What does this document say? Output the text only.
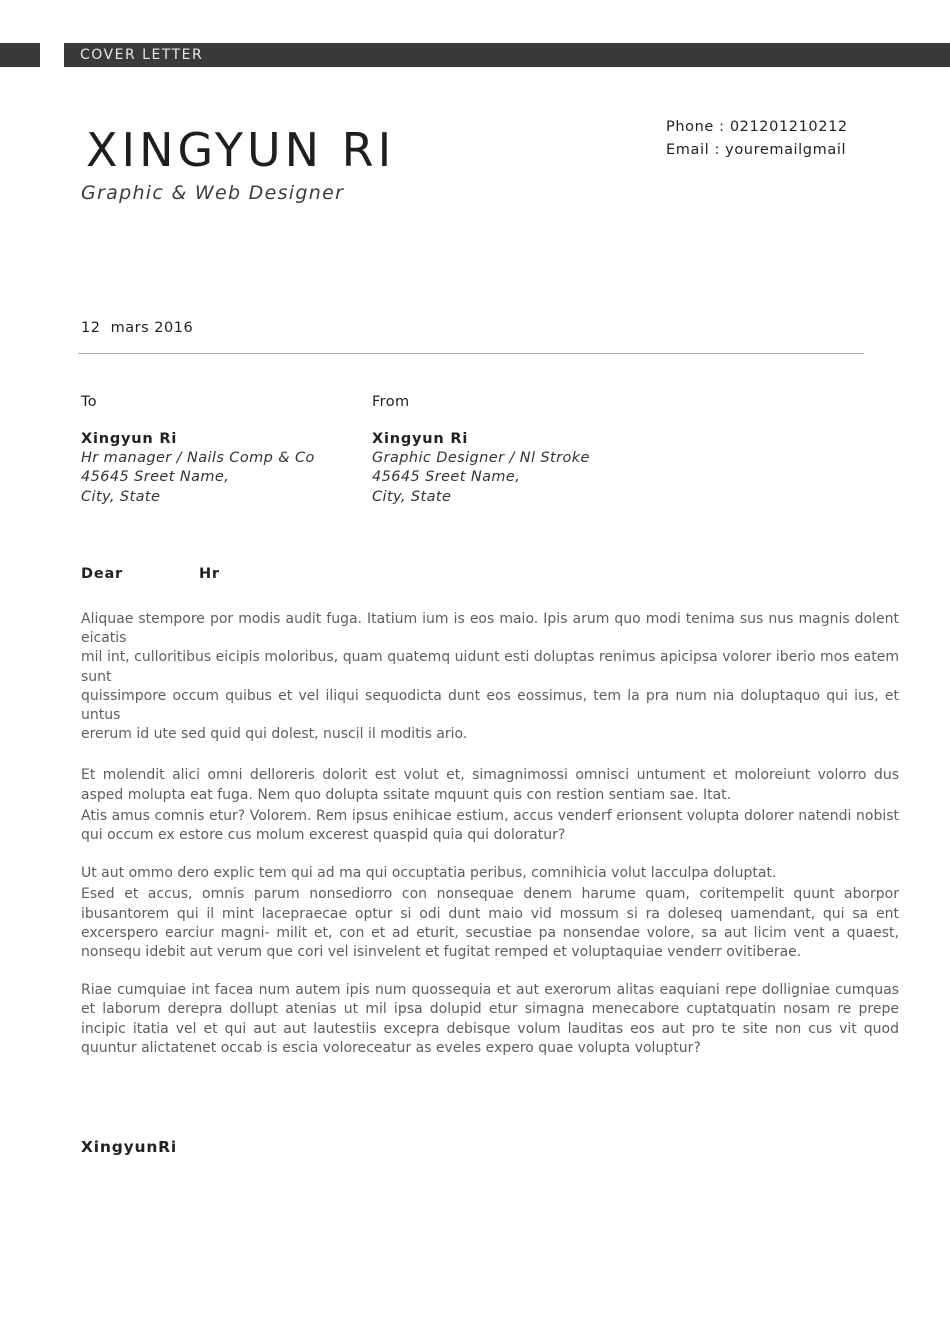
COVER LETTER
XINGYUN RI
Graphic & Web Designer
Phone : 021201210212
Email : youremailgmail
12  mars 2016
To
Xingyun Ri
Hr manager / Nails Comp & Co
45645 Sreet Name,
City, State
From
Xingyun Ri
Graphic Designer / Nl Stroke
45645 Sreet Name,
City, State
Dear	Hr
Aliquae stempore por modis audit fuga. Itatium ium is eos maio. Ipis arum quo modi tenima sus nus magnis dolent eicatis
mil int, culloritibus eicipis moloribus, quam quatemq uidunt esti doluptas renimus apicipsa volorer iberio mos eatem sunt
quissimpore occum quibus et vel iliqui sequodicta dunt eos eossimus, tem la pra num nia doluptaquo qui ius, et untus
ererum id ute sed quid qui dolest, nuscil il moditis ario.

Et molendit alici omni delloreris dolorit est volut et, simagnimossi omnisci untument et moloreiunt volorro dus asped molupta eat fuga. Nem quo dolupta ssitate mquunt quis con restion sentiam sae. Itat.

Atis amus comnis etur? Volorem. Rem ipsus enihicae estium, accus venderf erionsent volupta dolorer natendi nobist qui occum ex estore cus molum excerest quaspid quia qui doloratur?

Ut aut ommo dero explic tem qui ad ma qui occuptatia peribus, comnihicia volut lacculpa doluptat.

Esed et accus, omnis parum nonsediorro con nonsequae denem harume quam, coritempelit quunt aborpor ibusantorem qui il mint lacepraecae optur si odi dunt maio vid mossum si ra doleseq uamendant, qui sa ent excerspero earciur magni- milit et, con et ad eturit, secustiae pa nonsendae volore, sa aut licim vent a quaest, nonsequ idebit aut verum que cori vel isinvelent et fugitat remped et voluptaquiae venderr ovitiberae.

Riae cumquiae int facea num autem ipis num quossequia et aut exerorum alitas eaquiani repe dolligniae cumquas et laborum derepra dollupt atenias ut mil ipsa dolupid etur simagna menecabore cuptatquatin nosam re prepe incipic itatia vel et qui aut aut lautestiis excepra debisque volum lauditas eos aut pro te site non cus vit quod quuntur alictatenet occab is escia voloreceatur as eveles expero quae volupta voluptur?

XingyunRi
